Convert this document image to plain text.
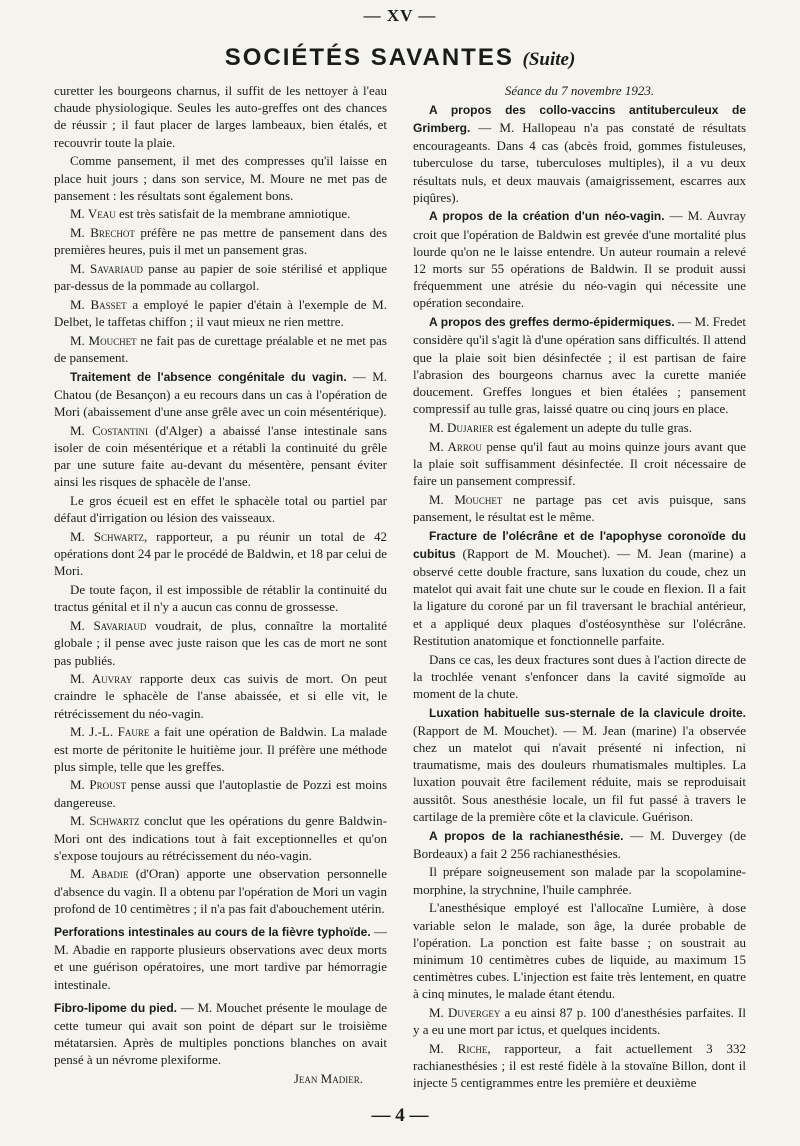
— XV —
SOCIÉTÉS SAVANTES (Suite)

curetter les bourgeons charnus, il suffit de les nettoyer à l'eau chaude physiologique. Seules les auto-greffes ont des chances de réussir ; il faut placer de larges lambeaux, bien étalés, et recouvrir toute la plaie.

Comme pansement, il met des compresses qu'il laisse en place huit jours ; dans son service, M. Moure ne met pas de pansement : les résultats sont également bons.

M. Veau est très satisfait de la membrane amniotique.

M. Brechot préfère ne pas mettre de pansement dans des premières heures, puis il met un pansement gras.

M. Savariaud panse au papier de soie stérilisé et applique par-dessus de la pommade au collargol.

M. Basset a employé le papier d'étain à l'exemple de M. Delbet, le taffetas chiffon ; il vaut mieux ne rien mettre.

M. Mouchet ne fait pas de curettage préalable et ne met pas de pansement.

Traitement de l'absence congénitale du vagin. — M. Chatou (de Besançon) a eu recours dans un cas à l'opération de Mori (abaissement d'une anse grêle avec un coin mésentérique).

M. Costantini (d'Alger) a abaissé l'anse intestinale sans isoler de coin mésentérique et a rétabli la continuité du grêle par une suture faite au-devant du mésentère, pensant éviter ainsi les risques de sphacèle de l'anse.

Le gros écueil est en effet le sphacèle total ou partiel par défaut d'irrigation ou lésion des vaisseaux.

M. Schwartz, rapporteur, a pu réunir un total de 42 opérations dont 24 par le procédé de Baldwin, et 18 par celui de Mori.

De toute façon, il est impossible de rétablir la continuité du tractus génital et il n'y a aucun cas connu de grossesse.

M. Savariaud voudrait, de plus, connaître la mortalité globale ; il pense avec juste raison que les cas de mort ne sont pas publiés.

M. Auvray rapporte deux cas suivis de mort. On peut craindre le sphacèle de l'anse abaissée, et si elle vit, le rétrécissement du néo-vagin.

M. J.-L. Faure a fait une opération de Baldwin. La malade est morte de péritonite le huitième jour. Il préfère une méthode plus simple, telle que les greffes.

M. Proust pense aussi que l'autoplastie de Pozzi est moins dangereuse.

M. Schwartz conclut que les opérations du genre Baldwin-Mori ont des indications tout à fait exceptionnelles et qu'on s'expose toujours au rétrécissement du néo-vagin.

M. Abadie (d'Oran) apporte une observation personnelle d'absence du vagin. Il a obtenu par l'opération de Mori un vagin profond de 10 centimètres ; il n'a pas fait d'abouchement utérin.

Perforations intestinales au cours de la fièvre typhoïde. — M. Abadie en rapporte plusieurs observations avec deux morts et une guérison opératoires, une mort tardive par hémorragie intestinale.

Fibro-lipome du pied. — M. Mouchet présente le moulage de cette tumeur qui avait son point de départ sur le troisième métatarsien. Après de multiples ponctions blanches on avait pensé à un névrome plexiforme.

Jean Madier.

Séance du 7 novembre 1923.

A propos des collo-vaccins antituberculeux de Grimberg. — M. Hallopeau n'a pas constaté de résultats encourageants. Dans 4 cas (abcès froid, gommes fistuleuses, tuberculose du tarse, tuberculoses multiples), il a vu deux résultats nuls, et deux mauvais (amaigrissement, escarres aux piqûres).

A propos de la création d'un néo-vagin. — M. Auvray croit que l'opération de Baldwin est grevée d'une mortalité plus lourde qu'on ne le laisse entendre. Un auteur roumain a relevé 12 morts sur 55 opérations de Baldwin. Il se produit aussi fréquemment une atrésie du néo-vagin qui nécessite une opération secondaire.

A propos des greffes dermo-épidermiques. — M. Fredet considère qu'il s'agit là d'une opération sans difficultés. Il attend que la plaie soit bien désinfectée ; il est partisan de faire l'abrasion des bourgeons charnus avec la curette maniée doucement. Greffes longues et bien étalées ; pansement compressif au tulle gras, laissé quatre ou cinq jours en place.

M. Dujarier est également un adepte du tulle gras.

M. Arrou pense qu'il faut au moins quinze jours avant que la plaie soit suffisamment désinfectée. Il croit nécessaire de faire un pansement compressif.

M. Mouchet ne partage pas cet avis puisque, sans pansement, le résultat est le même.

Fracture de l'olécrâne et de l'apophyse coronoïde du cubitus (Rapport de M. Mouchet). — M. Jean (marine) a observé cette double fracture, sans luxation du coude, chez un matelot qui avait fait une chute sur le coude en flexion. Il a fait la ligature du coroné par un fil traversant le brachial antérieur, et a appliqué deux plaques d'ostéosynthèse sur l'olécrâne. Restitution anatomique et fonctionnelle parfaite.

Dans ce cas, les deux fractures sont dues à l'action directe de la trochlée venant s'enfoncer dans la cavité sigmoïde au moment de la chute.

Luxation habituelle sus-sternale de la clavicule droite. (Rapport de M. Mouchet). — M. Jean (marine) l'a observée chez un matelot qui n'avait présenté ni infection, ni traumatisme, mais des douleurs rhumatismales multiples. La luxation pouvait être facilement réduite, mais se reproduisait aussitôt. Sous anesthésie locale, un fil fut passé à travers le cartilage de la première côte et la clavicule. Guérison.

A propos de la rachianesthésie. — M. Duvergey (de Bordeaux) a fait 2 256 rachianesthésies.

Il prépare soigneusement son malade par la scopolamine-morphine, la strychnine, l'huile camphrée.

L'anesthésique employé est l'allocaïne Lumière, à dose variable selon le malade, son âge, la durée probable de l'opération. La ponction est faite basse ; on soustrait au minimum 10 centimètres cubes de liquide, au maximum 15 centimètres cubes. L'injection est faite très lentement, en quatre à cinq minutes, le malade étant étendu.

M. Duvergey a eu ainsi 87 p. 100 d'anesthésies parfaites. Il y a eu une mort par ictus, et quelques incidents.

M. Riche, rapporteur, a fait actuellement 3 332 rachianesthésies ; il est resté fidèle à la stovaïne Billon, dont il injecte 5 centigrammes entre les première et deuxième

— 4 —
